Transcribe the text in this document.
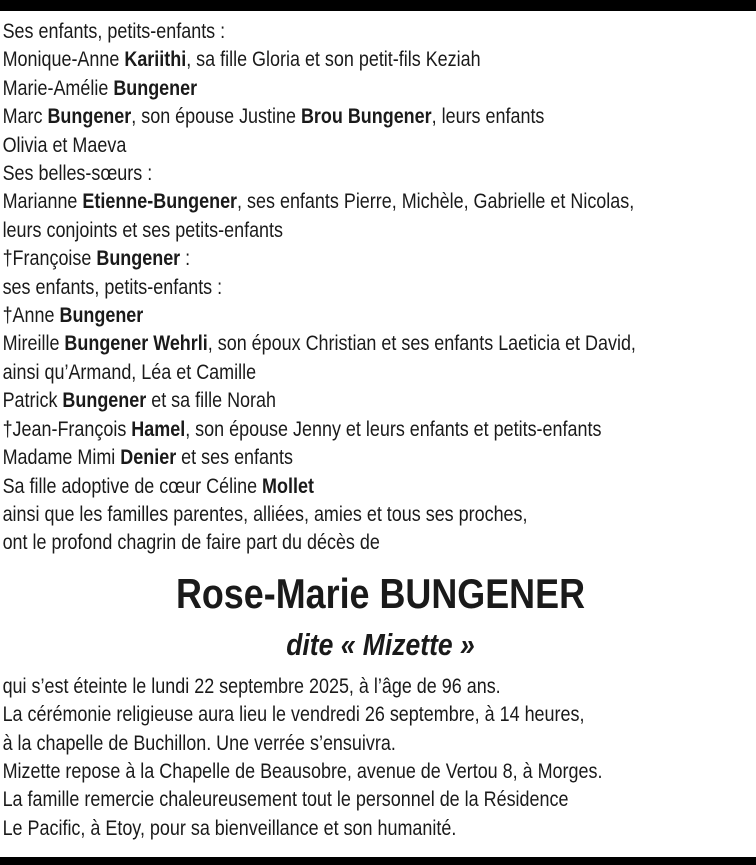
Ses enfants, petits-enfants :
Monique-Anne Kariithi, sa fille Gloria et son petit-fils Keziah
Marie-Amélie Bungener
Marc Bungener, son épouse Justine Brou Bungener, leurs enfants
Olivia et Maeva
Ses belles-sœurs :
Marianne Etienne-Bungener, ses enfants Pierre, Michèle, Gabrielle et Nicolas,
leurs conjoints et ses petits-enfants
†Françoise Bungener :
ses enfants, petits-enfants :
†Anne Bungener
Mireille Bungener Wehrli, son époux Christian et ses enfants Laeticia et David,
ainsi qu’Armand, Léa et Camille
Patrick Bungener et sa fille Norah
†Jean-François Hamel, son épouse Jenny et leurs enfants et petits-enfants
Madame Mimi Denier et ses enfants
Sa fille adoptive de cœur Céline Mollet
ainsi que les familles parentes, alliées, amies et tous ses proches,
ont le profond chagrin de faire part du décès de
Rose-Marie BUNGENER
dite « Mizette »
qui s’est éteinte le lundi 22 septembre 2025, à l’âge de 96 ans.
La cérémonie religieuse aura lieu le vendredi 26 septembre, à 14 heures,
à la chapelle de Buchillon. Une verrée s’ensuivra.
Mizette repose à la Chapelle de Beausobre, avenue de Vertou 8, à Morges.
La famille remercie chaleureusement tout le personnel de la Résidence
Le Pacific, à Etoy, pour sa bienveillance et son humanité.
